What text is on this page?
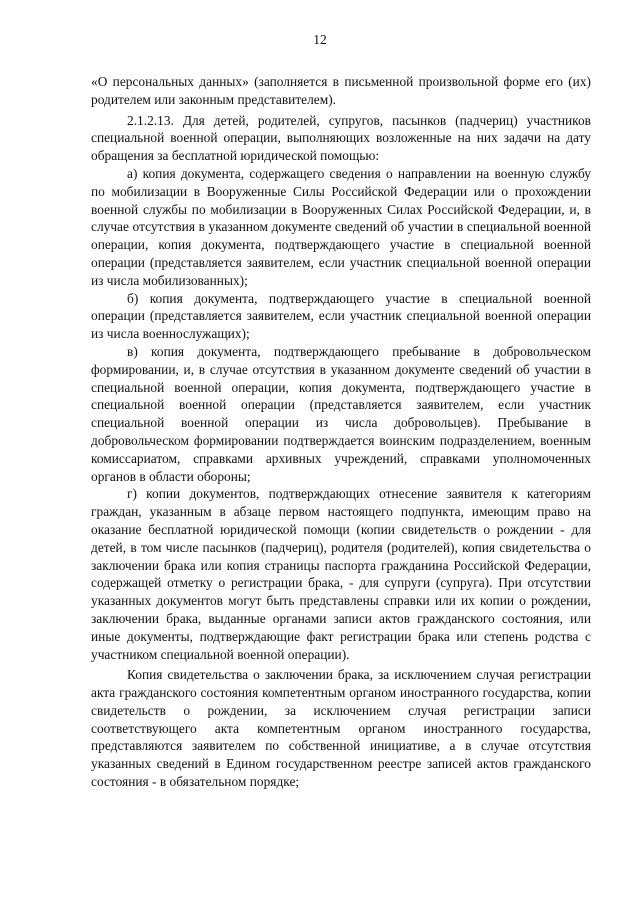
12

«О персональных данных» (заполняется в письменной произвольной форме его (их) родителем или законным представителем).

2.1.2.13. Для детей, родителей, супругов, пасынков (падчериц) участников специальной военной операции, выполняющих возложенные на них задачи на дату обращения за бесплатной юридической помощью:

а) копия документа, содержащего сведения о направлении на военную службу по мобилизации в Вооруженные Силы Российской Федерации или о прохождении военной службы по мобилизации в Вооруженных Силах Российской Федерации, и, в случае отсутствия в указанном документе сведений об участии в специальной военной операции, копия документа, подтверждающего участие в специальной военной операции (представляется заявителем, если участник специальной военной операции из числа мобилизованных);

б) копия документа, подтверждающего участие в специальной военной операции (представляется заявителем, если участник специальной военной операции из числа военнослужащих);

в) копия документа, подтверждающего пребывание в добровольческом формировании, и, в случае отсутствия в указанном документе сведений об участии в специальной военной операции, копия документа, подтверждающего участие в специальной военной операции (представляется заявителем, если участник специальной военной операции из числа добровольцев). Пребывание в добровольческом формировании подтверждается воинским подразделением, военным комиссариатом, справками архивных учреждений, справками уполномоченных органов в области обороны;

г) копии документов, подтверждающих отнесение заявителя к категориям граждан, указанным в абзаце первом настоящего подпункта, имеющим право на оказание бесплатной юридической помощи (копии свидетельств о рождении - для детей, в том числе пасынков (падчериц), родителя (родителей), копия свидетельства о заключении брака или копия страницы паспорта гражданина Российской Федерации, содержащей отметку о регистрации брака, - для супруги (супруга). При отсутствии указанных документов могут быть представлены справки или их копии о рождении, заключении брака, выданные органами записи актов гражданского состояния, или иные документы, подтверждающие факт регистрации брака или степень родства с участником специальной военной операции).

Копия свидетельства о заключении брака, за исключением случая регистрации акта гражданского состояния компетентным органом иностранного государства, копии свидетельств о рождении, за исключением случая регистрации записи соответствующего акта компетентным органом иностранного государства, представляются заявителем по собственной инициативе, а в случае отсутствия указанных сведений в Едином государственном реестре записей актов гражданского состояния - в обязательном порядке;
